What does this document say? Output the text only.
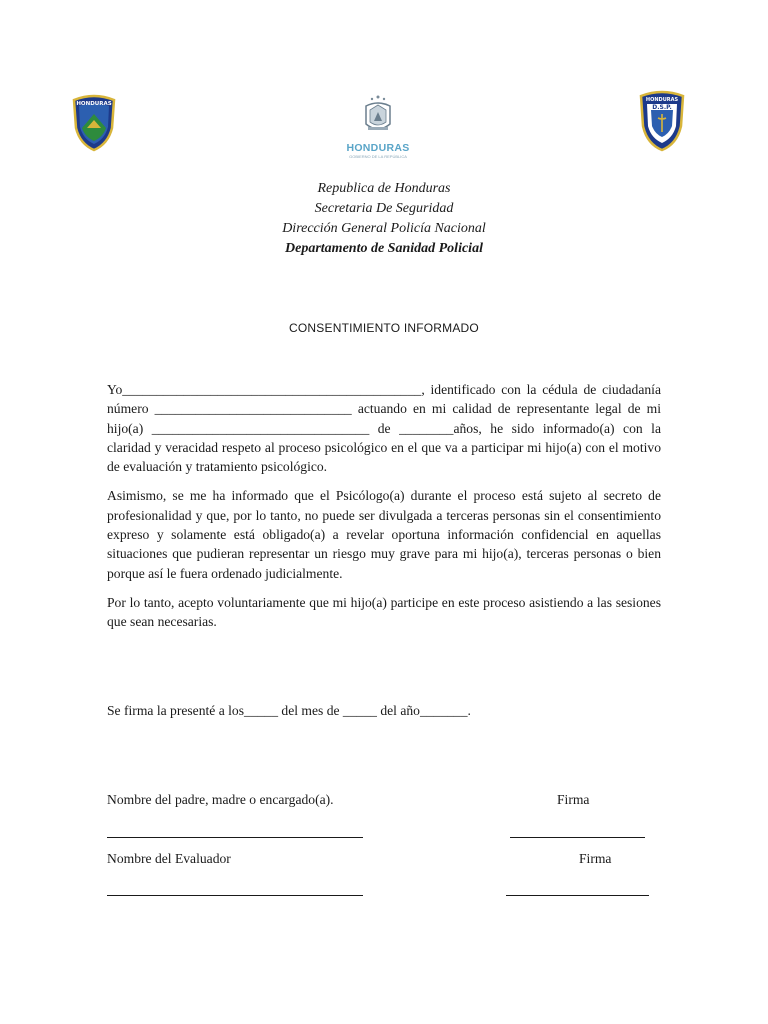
HONDURAS
HONDURAS
GOBIERNO DE LA REPÚBLICA
HONDURAS
D.S.P.
Republica de Honduras
Secretaria De Seguridad
Dirección General Policía Nacional
Departamento de Sanidad Policial
CONSENTIMIENTO INFORMADO

Yo____________________________________________, identificado con la cédula de ciudadanía número _____________________________ actuando en mi calidad de representante legal de mi hijo(a) ________________________________ de ________años, he sido informado(a) con la claridad y veracidad respeto al proceso psicológico en el que va a participar mi hijo(a) con el motivo de evaluación y tratamiento psicológico.

Asimismo, se me ha informado que el Psicólogo(a) durante el proceso está sujeto al secreto de profesionalidad y que, por lo tanto, no puede ser divulgada a terceras personas sin el consentimiento expreso y solamente está obligado(a) a revelar oportuna información confidencial en aquellas situaciones que pudieran representar un riesgo muy grave para mi hijo(a), terceras personas o bien porque así le fuera ordenado judicialmente.

Por lo tanto, acepto voluntariamente que mi hijo(a) participe en este proceso asistiendo a las sesiones que sean necesarias.

Se firma la presenté a los_____ del mes de _____ del año_______.
Nombre del padre, madre o encargado(a).	Firma
Nombre del Evaluador	Firma
